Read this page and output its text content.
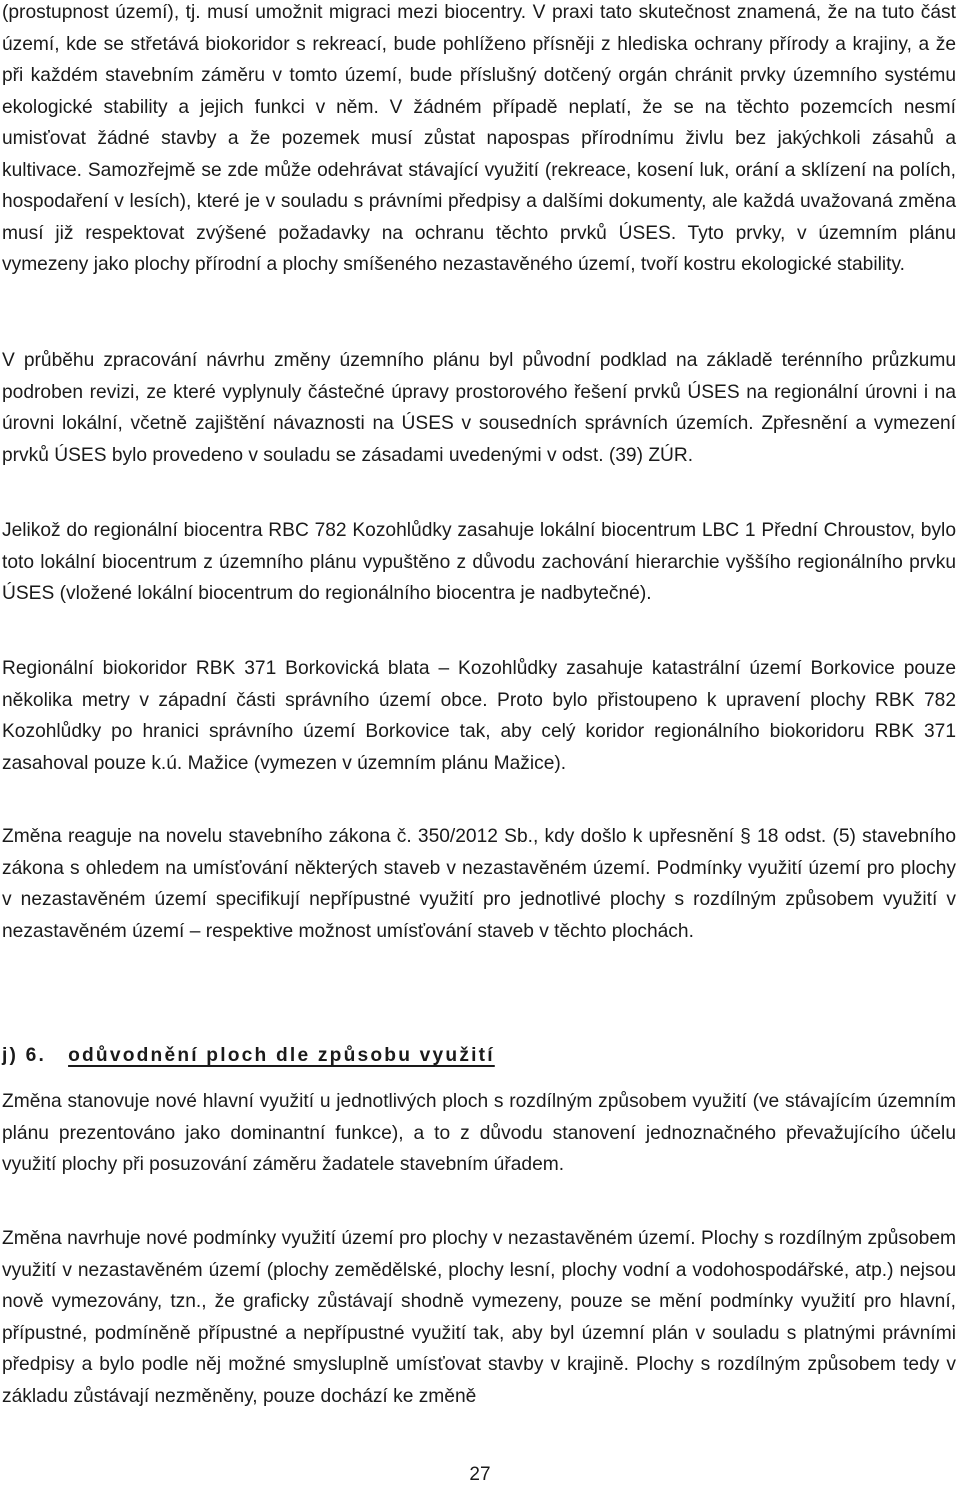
(prostupnost území), tj. musí umožnit migraci mezi biocentry. V praxi tato skutečnost znamená, že na tuto část území, kde se střetává biokoridor s rekreací, bude pohlíženo přísněji z hlediska ochrany přírody a krajiny, a že při každém stavebním záměru v tomto území, bude příslušný dotčený orgán chránit prvky územního systému ekologické stability a jejich funkci v něm. V žádném případě neplatí, že se na těchto pozemcích nesmí umisťovat žádné stavby a že pozemek musí zůstat napospas přírodnímu živlu bez jakýchkoli zásahů a kultivace. Samozřejmě se zde může odehrávat stávající využití (rekreace, kosení luk, orání a sklízení na polích, hospodaření v lesích), které je v souladu s právními předpisy a dalšími dokumenty, ale každá uvažovaná změna musí již respektovat zvýšené požadavky na ochranu těchto prvků ÚSES. Tyto prvky, v územním plánu vymezeny jako plochy přírodní a plochy smíšeného nezastavěného území, tvoří kostru ekologické stability.

V průběhu zpracování návrhu změny územního plánu byl původní podklad na základě terénního průzkumu podroben revizi, ze které vyplynuly částečné úpravy prostorového řešení prvků ÚSES na regionální úrovni i na úrovni lokální, včetně zajištění návaznosti na ÚSES v sousedních správních územích. Zpřesnění a vymezení prvků ÚSES bylo provedeno v souladu se zásadami uvedenými v odst. (39) ZÚR.

Jelikož do regionální biocentra RBC 782 Kozohlůdky zasahuje lokální biocentrum LBC 1 Přední Chroustov, bylo toto lokální biocentrum z územního plánu vypuštěno z důvodu zachování hierarchie vyššího regionálního prvku ÚSES (vložené lokální biocentrum do regionálního biocentra je nadbytečné).

Regionální biokoridor RBK 371 Borkovická blata – Kozohlůdky zasahuje katastrální území Borkovice pouze několika metry v západní části správního území obce. Proto bylo přistoupeno k upravení plochy RBK 782 Kozohlůdky po hranici správního území Borkovice tak, aby celý koridor regionálního biokoridoru RBK 371 zasahoval pouze k.ú. Mažice (vymezen v územním plánu Mažice).

Změna reaguje na novelu stavebního zákona č. 350/2012 Sb., kdy došlo k upřesnění § 18 odst. (5) stavebního zákona s ohledem na umísťování některých staveb v nezastavěném území. Podmínky využití území pro plochy v nezastavěném území specifikují nepřípustné využití pro jednotlivé plochy s rozdílným způsobem využití v nezastavěném území – respektive možnost umísťování staveb v těchto plochách.

j) 6. odůvodnění ploch dle způsobu využití

Změna stanovuje nové hlavní využití u jednotlivých ploch s rozdílným způsobem využití (ve stávajícím územním plánu prezentováno jako dominantní funkce), a to z důvodu stanovení jednoznačného převažujícího účelu využití plochy při posuzování záměru žadatele stavebním úřadem.

Změna navrhuje nové podmínky využití území pro plochy v nezastavěném území. Plochy s rozdílným způsobem využití v nezastavěném území (plochy zemědělské, plochy lesní, plochy vodní a vodohospodářské, atp.) nejsou nově vymezovány, tzn., že graficky zůstávají shodně vymezeny, pouze se mění podmínky využití pro hlavní, přípustné, podmíněně přípustné a nepřípustné využití tak, aby byl územní plán v souladu s platnými právními předpisy a bylo podle něj možné smysluplně umísťovat stavby v krajině. Plochy s rozdílným způsobem tedy v základu zůstávají nezměněny, pouze dochází ke změně

27
